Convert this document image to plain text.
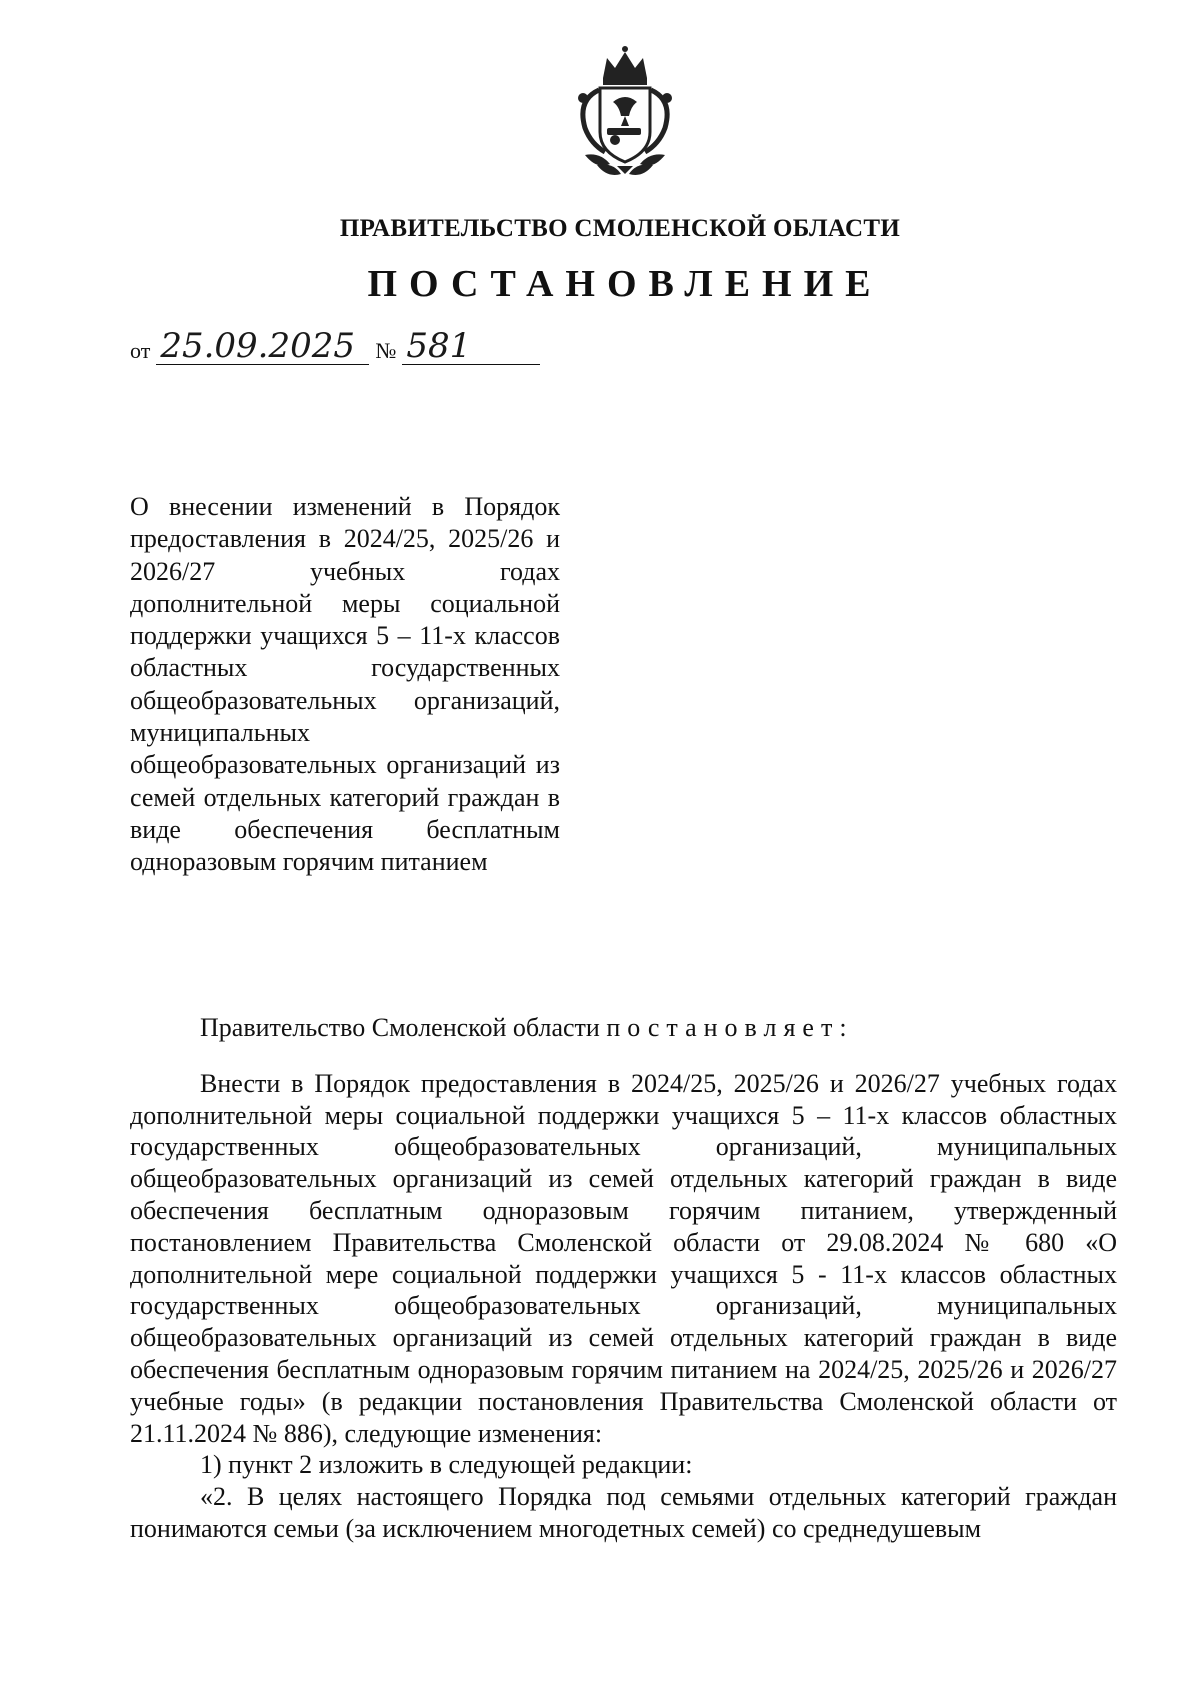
ПРАВИТЕЛЬСТВО СМОЛЕНСКОЙ ОБЛАСТИ
ПОСТАНОВЛЕНИЕ
от 25.09.2025 № 581
О внесении изменений в Порядок предоставления в 2024/25, 2025/26 и 2026/27 учебных годах дополнительной меры социальной поддержки учащихся 5 – 11-х классов областных государственных общеобразовательных организаций, муниципальных общеобразовательных организаций из семей отдельных категорий граждан в виде обеспечения бесплатным одноразовым горячим питанием

Правительство Смоленской области постановляет:

Внести в Порядок предоставления в 2024/25, 2025/26 и 2026/27 учебных годах дополнительной меры социальной поддержки учащихся 5 – 11-х классов областных государственных общеобразовательных организаций, муниципальных общеобразовательных организаций из семей отдельных категорий граждан в виде обеспечения бесплатным одноразовым горячим питанием, утвержденный постановлением Правительства Смоленской области от 29.08.2024 № 680 «О дополнительной мере социальной поддержки учащихся 5 - 11-х классов областных государственных общеобразовательных организаций, муниципальных общеобразовательных организаций из семей отдельных категорий граждан в виде обеспечения бесплатным одноразовым горячим питанием на 2024/25, 2025/26 и 2026/27 учебные годы» (в редакции постановления Правительства Смоленской области от 21.11.2024 № 886), следующие изменения:

1) пункт 2 изложить в следующей редакции:

«2. В целях настоящего Порядка под семьями отдельных категорий граждан понимаются семьи (за исключением многодетных семей) со среднедушевым
